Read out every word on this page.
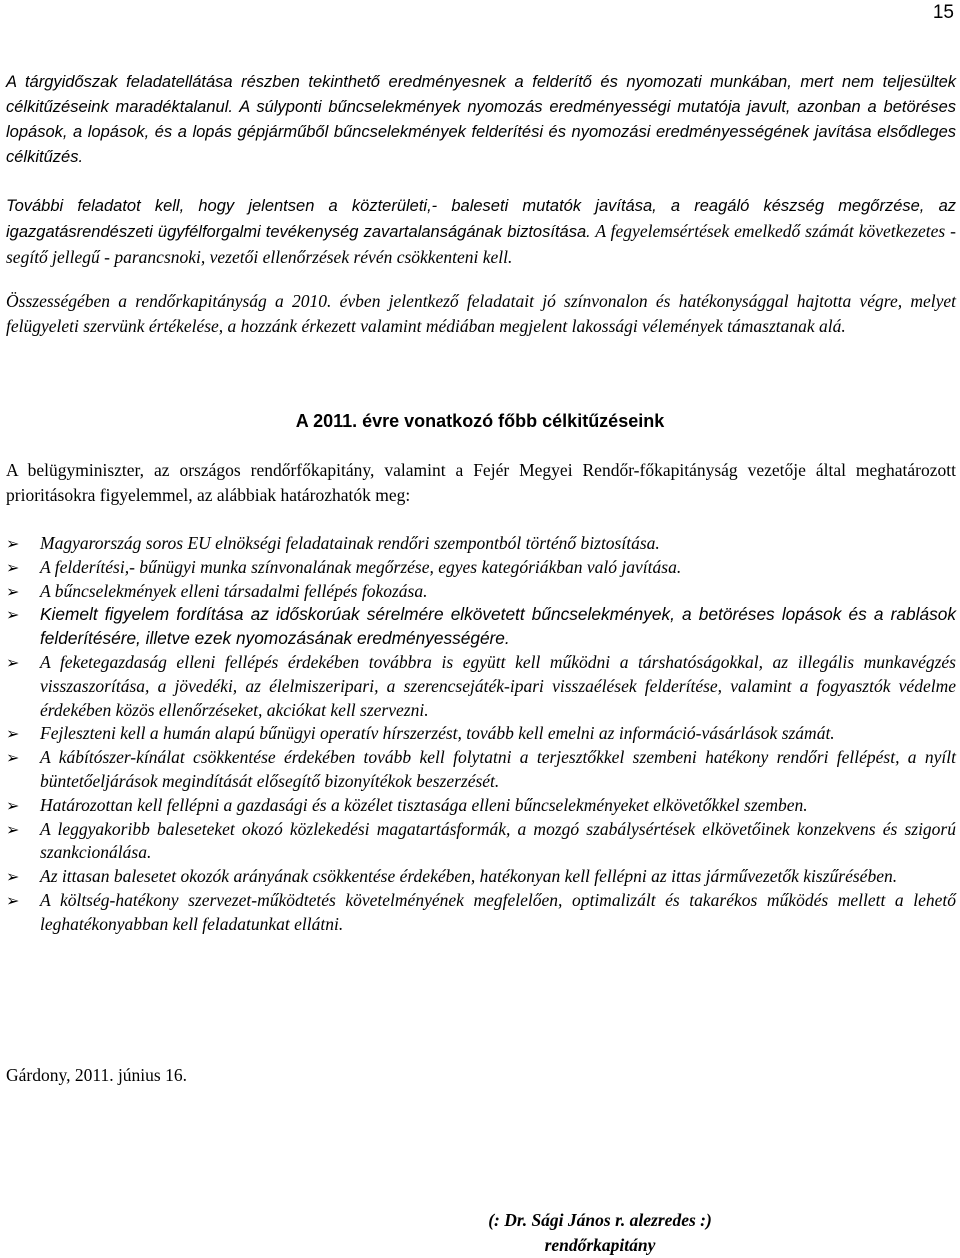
15

A tárgyidőszak feladatellátása részben tekinthető eredményesnek a felderítő és nyomozati munkában, mert nem teljesültek célkitűzéseink maradéktalanul. A súlyponti bűncselekmények nyomozás eredményességi mutatója javult, azonban a betöréses lopások, a lopások, és a lopás gépjárműből bűncselekmények felderítési és nyomozási eredményességének javítása elsődleges célkitűzés.

További feladatot kell, hogy jelentsen a közterületi,- baleseti mutatók javítása, a reagáló készség megőrzése, az igazgatásrendészeti ügyfélforgalmi tevékenység zavartalanságának biztosítása. A fegyelemsértések emelkedő számát következetes - segítő jellegű - parancsnoki, vezetői ellenőrzések révén csökkenteni kell.

Összességében a rendőrkapitányság a 2010. évben jelentkező feladatait jó színvonalon és hatékonysággal hajtotta végre, melyet felügyeleti szervünk értékelése, a hozzánk érkezett valamint médiában megjelent lakossági vélemények támasztanak alá.

A 2011. évre vonatkozó főbb célkitűzéseink

A belügyminiszter, az országos rendőrfőkapitány, valamint a Fejér Megyei Rendőr-főkapitányság vezetője által meghatározott prioritásokra figyelemmel, az alábbiak határozhatók meg:

➢ Magyarország soros EU elnökségi feladatainak rendőri szempontból történő biztosítása.
➢ A felderítési,- bűnügyi munka színvonalának megőrzése, egyes kategóriákban való javítása.
➢ A bűncselekmények elleni társadalmi fellépés fokozása.
➢ Kiemelt figyelem fordítása az időskorúak sérelmére elkövetett bűncselekmények, a betöréses lopások és a rablások felderítésére, illetve ezek nyomozásának eredményességére.
➢ A feketegazdaság elleni fellépés érdekében továbbra is együtt kell működni a társhatóságokkal, az illegális munkavégzés visszaszorítása, a jövedéki, az élelmiszeripari, a szerencsejáték-ipari visszaélések felderítése, valamint a fogyasztók védelme érdekében közös ellenőrzéseket, akciókat kell szervezni.
➢ Fejleszteni kell a humán alapú bűnügyi operatív hírszerzést, tovább kell emelni az információ-vásárlások számát.
➢ A kábítószer-kínálat csökkentése érdekében tovább kell folytatni a terjesztőkkel szembeni hatékony rendőri fellépést, a nyílt büntetőeljárások megindítását elősegítő bizonyítékok beszerzését.
➢ Határozottan kell fellépni a gazdasági és a közélet tisztasága elleni bűncselekményeket elkövetőkkel szemben.
➢ A leggyakoribb baleseteket okozó közlekedési magatartásformák, a mozgó szabálysértések elkövetőinek konzekvens és szigorú szankcionálása.
➢ Az ittasan balesetet okozók arányának csökkentése érdekében, hatékonyan kell fellépni az ittas járművezetők kiszűrésében.
➢ A költség-hatékony szervezet-működtetés követelményének megfelelően, optimalizált és takarékos működés mellett a lehető leghatékonyabban kell feladatunkat ellátni.
Gárdony, 2011. június 16.
(: Dr. Sági János r. alezredes :)
rendőrkapitány
